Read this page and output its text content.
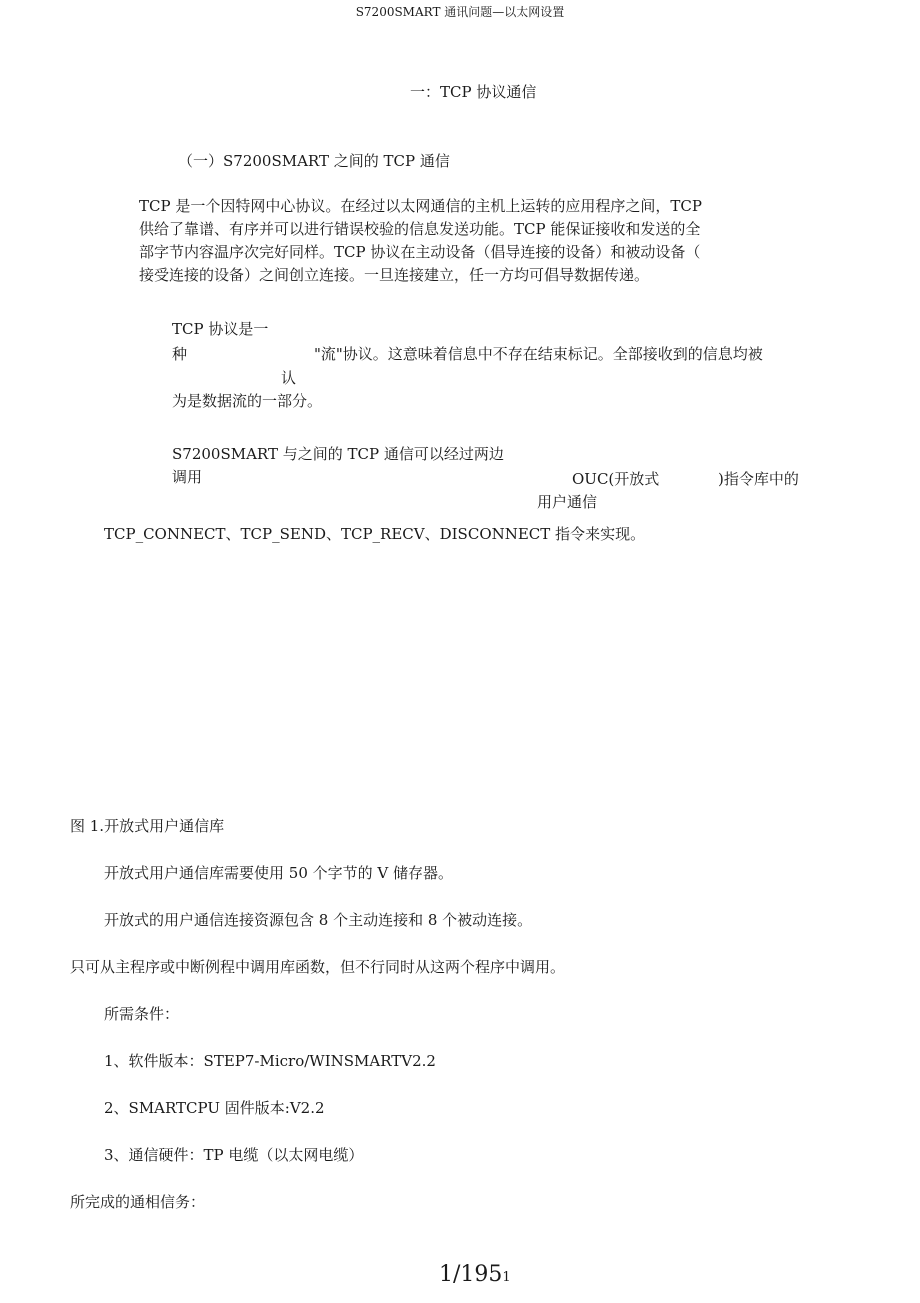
S7200SMART 通讯问题—以太网设置
一：TCP 协议通信
（一）S7200SMART 之间的 TCP 通信
TCP 是一个因特网中心协议。在经过以太网通信的主机上运转的应用程序之间，TCP
供给了靠谱、有序并可以进行错误校验的信息发送功能。TCP 能保证接收和发送的全
部字节内容温序次完好同样。TCP 协议在主动设备（倡导连接的设备）和被动设备（
接受连接的设备）之间创立连接。一旦连接建立，任一方均可倡导数据传递。
TCP 协议是一
种	"流"协议。这意味着信息中不存在结束标记。全部接收到的信息均被
认
为是数据流的一部分。
S7200SMART 与之间的 TCP 通信可以经过两边
调用	OUC(开放式	)指令库中的
用户通信
TCP_CONNECT、TCP_SEND、TCP_RECV、DISCONNECT 指令来实现。
图 1.开放式用户通信库
开放式用户通信库需要使用 50 个字节的 V 储存器。
开放式的用户通信连接资源包含 8 个主动连接和 8 个被动连接。
只可从主程序或中断例程中调用库函数，但不行同时从这两个程序中调用。
所需条件：
1、软件版本：STEP7-Micro/WINSMARTV2.2
2、SMARTCPU 固件版本:V2.2
3、通信硬件：TP 电缆（以太网电缆）
所完成的通相信务：
1/1951
